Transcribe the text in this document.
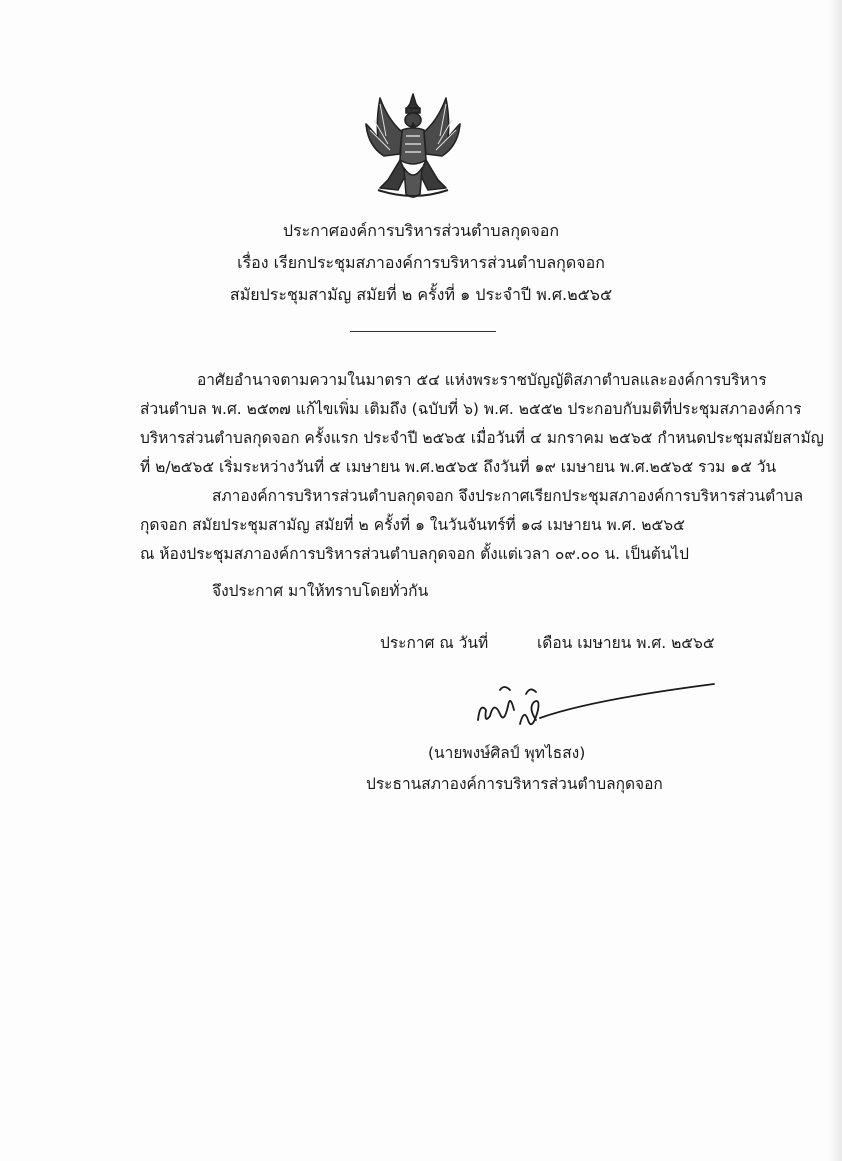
ประกาศองค์การบริหารส่วนตำบลกุดจอก
เรื่อง เรียกประชุมสภาองค์การบริหารส่วนตำบลกุดจอก
สมัยประชุมสามัญ สมัยที่ ๒ ครั้งที่ ๑ ประจำปี พ.ศ.๒๕๖๕
อาศัยอำนาจตามความในมาตรา ๕๔ แห่งพระราชบัญญัติสภาตำบลและองค์การบริหาร
ส่วนตำบล พ.ศ. ๒๕๓๗ แก้ไขเพิ่ม เติมถึง (ฉบับที่ ๖) พ.ศ. ๒๕๕๒ ประกอบกับมติที่ประชุมสภาองค์การ
บริหารส่วนตำบลกุดจอก ครั้งแรก ประจำปี ๒๕๖๕ เมื่อวันที่ ๔ มกราคม ๒๕๖๕ กำหนดประชุมสมัยสามัญ
ที่ ๒/๒๕๖๕ เริ่มระหว่างวันที่ ๕ เมษายน พ.ศ.๒๕๖๕ ถึงวันที่ ๑๙ เมษายน พ.ศ.๒๕๖๕ รวม ๑๕ วัน
สภาองค์การบริหารส่วนตำบลกุดจอก จึงประกาศเรียกประชุมสภาองค์การบริหารส่วนตำบล
กุดจอก สมัยประชุมสามัญ สมัยที่ ๒ ครั้งที่ ๑ ในวันจันทร์ที่ ๑๘ เมษายน พ.ศ. ๒๕๖๕
ณ ห้องประชุมสภาองค์การบริหารส่วนตำบลกุดจอก ตั้งแต่เวลา ๐๙.๐๐ น. เป็นต้นไป
จึงประกาศ มาให้ทราบโดยทั่วกัน
ประกาศ ณ วันที่	เดือน เมษายน พ.ศ. ๒๕๖๕
(นายพงษ์ศิลป์ พุทไธสง)
ประธานสภาองค์การบริหารส่วนตำบลกุดจอก
